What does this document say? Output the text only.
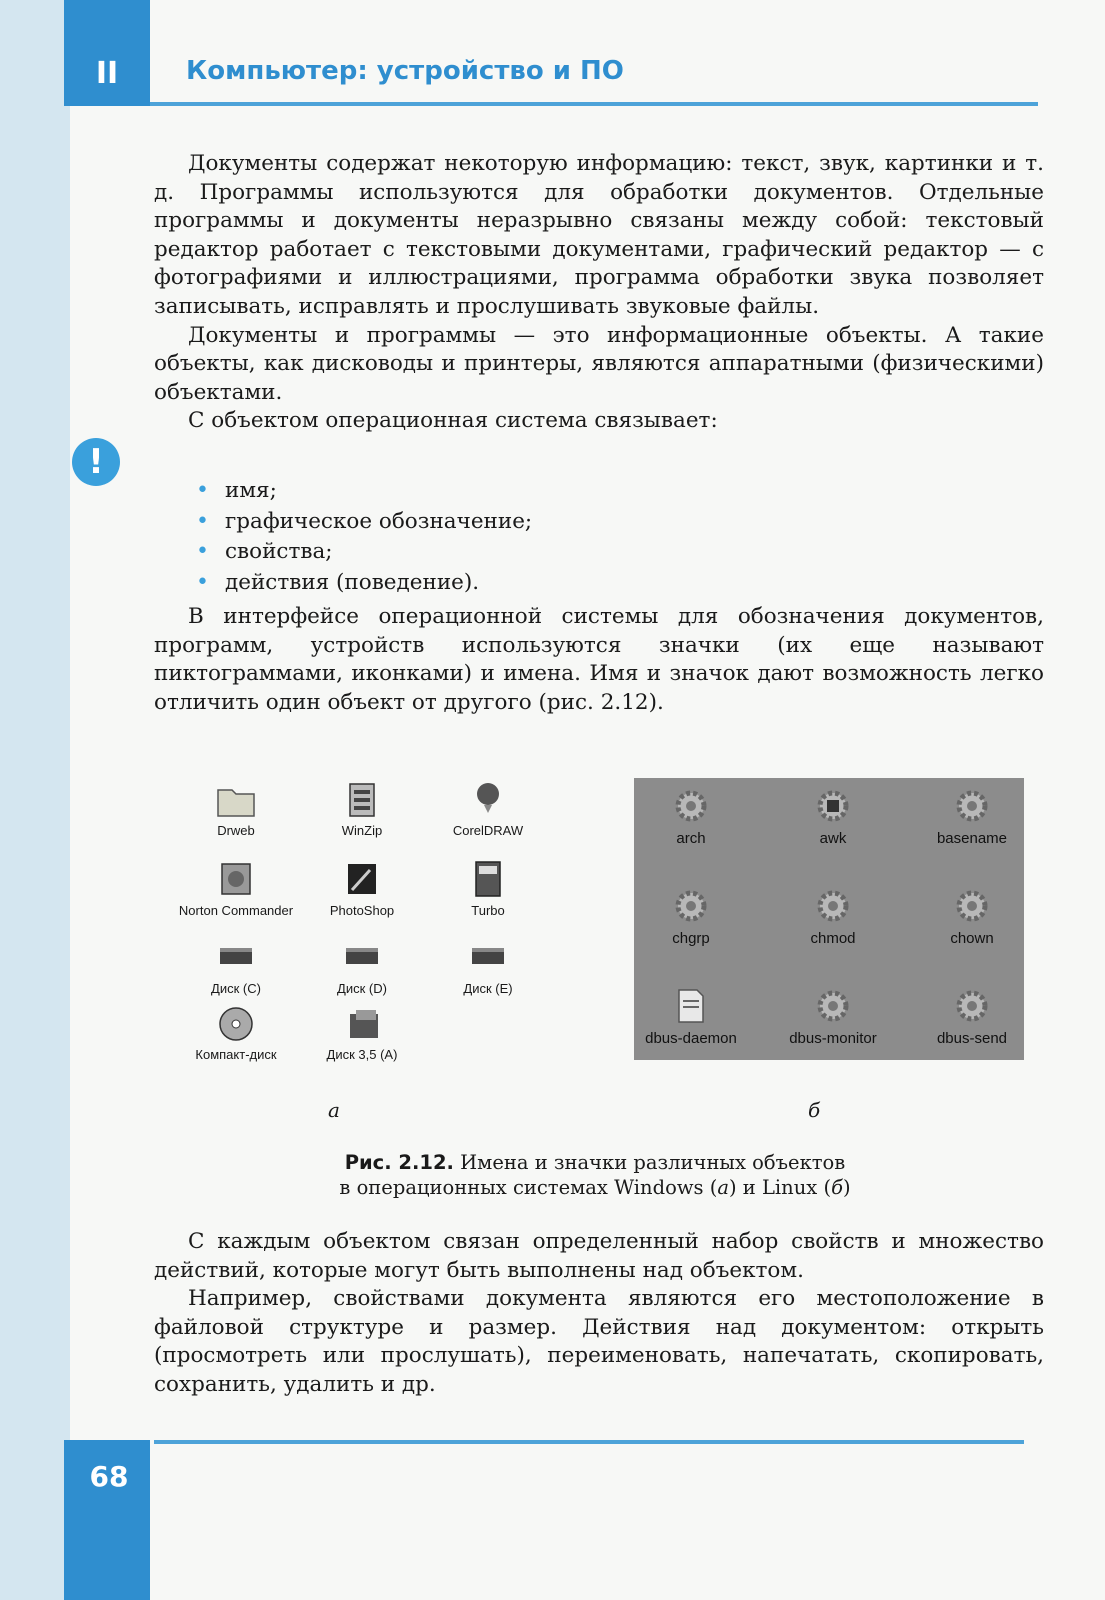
II	Компьютер: устройство и ПО

Документы содержат некоторую информацию: текст, звук, картинки и т. д. Программы используются для обработки документов. Отдельные программы и документы неразрывно связаны между собой: текстовый редактор работает с текстовыми документами, графический редактор — с фотографиями и иллюстрациями, программа обработки звука позволяет записывать, исправлять и прослушивать звуковые файлы.

Документы и программы — это информационные объекты. А такие объекты, как дисководы и принтеры, являются аппаратными (физическими) объектами.

С объектом операционная система связывает:

!
• имя;
• графическое обозначение;
• свойства;
• действия (поведение).

В интерфейсе операционной системы для обозначения документов, программ, устройств используются значки (их еще называют пиктограммами, иконками) и имена. Имя и значок дают возможность легко отличить один объект от другого (рис. 2.12).

Drweb	WinZip	CorelDRAW
Norton Commander	PhotoShop	Turbo
Диск (C)	Диск (D)	Диск (E)
Компакт-диск	Диск 3,5 (A)
arch	awk	basename
chgrp	chmod	chown
dbus-daemon	dbus-monitor	dbus-send
а	б
Рис. 2.12. Имена и значки различных объектов
в операционных системах Windows (а) и Linux (б)

С каждым объектом связан определенный набор свойств и множество действий, которые могут быть выполнены над объектом.

Например, свойствами документа являются его местоположение в файловой структуре и размер. Действия над документом: открыть (просмотреть или прослушать), переименовать, напечатать, скопировать, сохранить, удалить и др.

68
